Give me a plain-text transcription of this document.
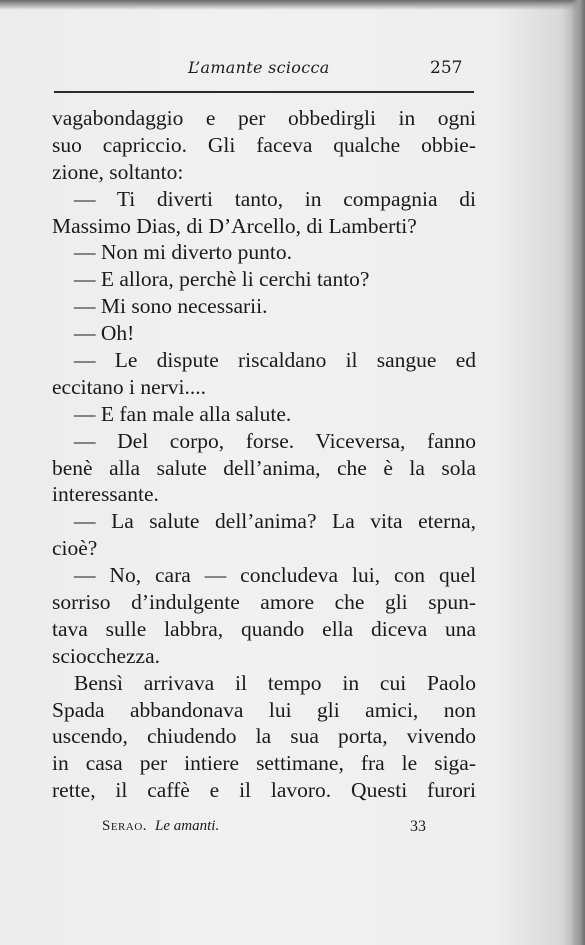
L’amante sciocca	257
vagabondaggio e per obbedirgli in ogni
suo capriccio. Gli faceva qualche obbie-
zione, soltanto:
— Ti diverti tanto, in compagnia di
Massimo Dias, di D’Arcello, di Lamberti?
— Non mi diverto punto.
— E allora, perchè li cerchi tanto?
— Mi sono necessarii.
— Oh!
— Le dispute riscaldano il sangue ed
eccitano i nervi....
— E fan male alla salute.
— Del corpo, forse. Viceversa, fanno
benè alla salute dell’anima, che è la sola
interessante.
— La salute dell’anima? La vita eterna,
cioè?
— No, cara — concludeva lui, con quel
sorriso d’indulgente amore che gli spun-
tava sulle labbra, quando ella diceva una
sciocchezza.
Bensì arrivava il tempo in cui Paolo
Spada abbandonava lui gli amici, non
uscendo, chiudendo la sua porta, vivendo
in casa per intiere settimane, fra le siga-
rette, il caffè e il lavoro. Questi furori
Serao. Le amanti.	33
